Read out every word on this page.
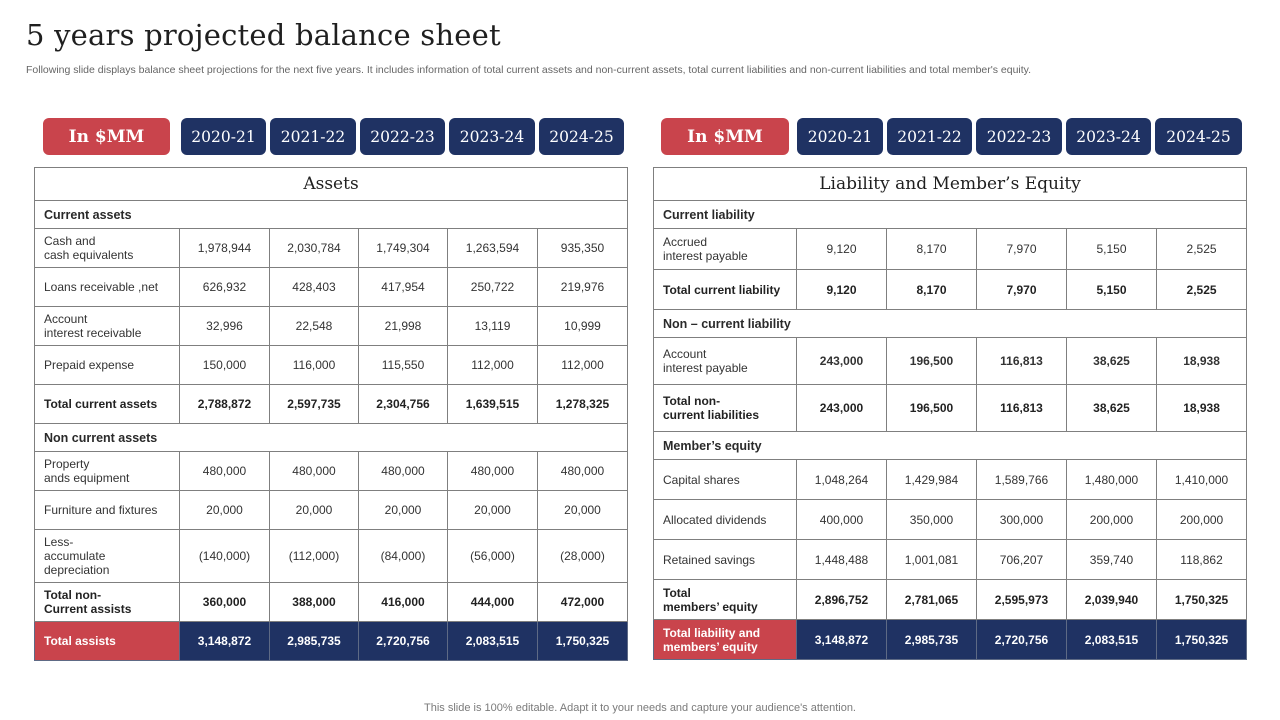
5 years projected balance sheet

Following slide displays balance sheet projections for the next five years. It includes information of total current assets and non-current assets, total current liabilities and non-current liabilities and total member's equity.

In $MM	2020-21	2021-22	2022-23	2023-24	2024-25	In $MM	2020-21	2021-22	2022-23	2023-24	2024-25
Assets					
Current assets					
Cash and
cash equivalents	1,978,944	2,030,784	1,749,304	1,263,594	935,350
Loans receivable ,net	626,932	428,403	417,954	250,722	219,976
Account
interest receivable	32,996	22,548	21,998	13,119	10,999
Prepaid expense	150,000	116,000	115,550	112,000	112,000
Total current assets	2,788,872	2,597,735	2,304,756	1,639,515	1,278,325
Non current assets					
Property
ands equipment	480,000	480,000	480,000	480,000	480,000
Furniture and fixtures	20,000	20,000	20,000	20,000	20,000
Less-
accumulate
depreciation	(140,000)	(112,000)	(84,000)	(56,000)	(28,000)
Total non-
Current assists	360,000	388,000	416,000	444,000	472,000
Total assists	3,148,872	2,985,735	2,720,756	2,083,515	1,750,325
Liability and Member’s Equity					
Current liability					
Accrued
interest payable	9,120	8,170	7,970	5,150	2,525
Total current liability	9,120	8,170	7,970	5,150	2,525
Non – current liability					
Account
interest payable	243,000	196,500	116,813	38,625	18,938
Total non-
current liabilities	243,000	196,500	116,813	38,625	18,938
Member’s equity					
Capital shares	1,048,264	1,429,984	1,589,766	1,480,000	1,410,000
Allocated dividends	400,000	350,000	300,000	200,000	200,000
Retained savings	1,448,488	1,001,081	706,207	359,740	118,862
Total
members’ equity	2,896,752	2,781,065	2,595,973	2,039,940	1,750,325
Total liability and
members’ equity	3,148,872	2,985,735	2,720,756	2,083,515	1,750,325

This slide is 100% editable. Adapt it to your needs and capture your audience's attention.
